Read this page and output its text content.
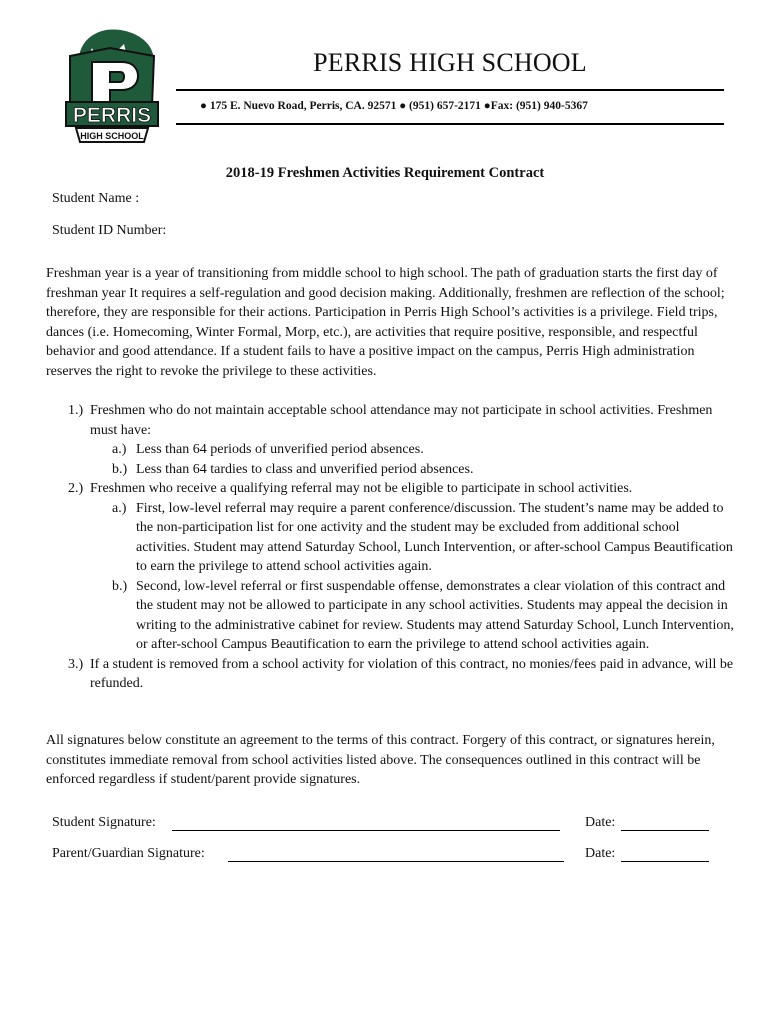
PERRIS
HIGH SCHOOL
PERRIS HIGH SCHOOL
● 175 E. Nuevo Road, Perris, CA. 92571 ● (951) 657-2171 ●Fax: (951) 940-5367
2018-19 Freshmen Activities Requirement Contract
Student Name :
Student ID Number:
Freshman year is a year of transitioning from middle school to high school. The path of graduation starts the first day of freshman year It requires a self-regulation and good decision making. Additionally, freshmen are reflection of the school; therefore, they are responsible for their actions. Participation in Perris High School’s activities is a privilege. Field trips, dances (i.e. Homecoming, Winter Formal, Morp, etc.), are activities that require positive, responsible, and respectful behavior and good attendance. If a student fails to have a positive impact on the campus, Perris High administration reserves the right to revoke the privilege to these activities.
1.) Freshmen who do not maintain acceptable school attendance may not participate in school activities. Freshmen must have:
a.) Less than 64 periods of unverified period absences.
b.) Less than 64 tardies to class and unverified period absences.
2.) Freshmen who receive a qualifying referral may not be eligible to participate in school activities.
a.) First, low-level referral may require a parent conference/discussion. The student’s name may be added to the non-participation list for one activity and the student may be excluded from additional school activities. Student may attend Saturday School, Lunch Intervention, or after-school Campus Beautification to earn the privilege to attend school activities again.
b.) Second, low-level referral or first suspendable offense, demonstrates a clear violation of this contract and the student may not be allowed to participate in any school activities. Students may appeal the decision in writing to the administrative cabinet for review. Students may attend Saturday School, Lunch Intervention, or after-school Campus Beautification to earn the privilege to attend school activities again.
3.) If a student is removed from a school activity for violation of this contract, no monies/fees paid in advance, will be refunded.
All signatures below constitute an agreement to the terms of this contract. Forgery of this contract, or signatures herein, constitutes immediate removal from school activities listed above. The consequences outlined in this contract will be enforced regardless if student/parent provide signatures.
Student Signature:	Date:
Parent/Guardian Signature:	Date:
